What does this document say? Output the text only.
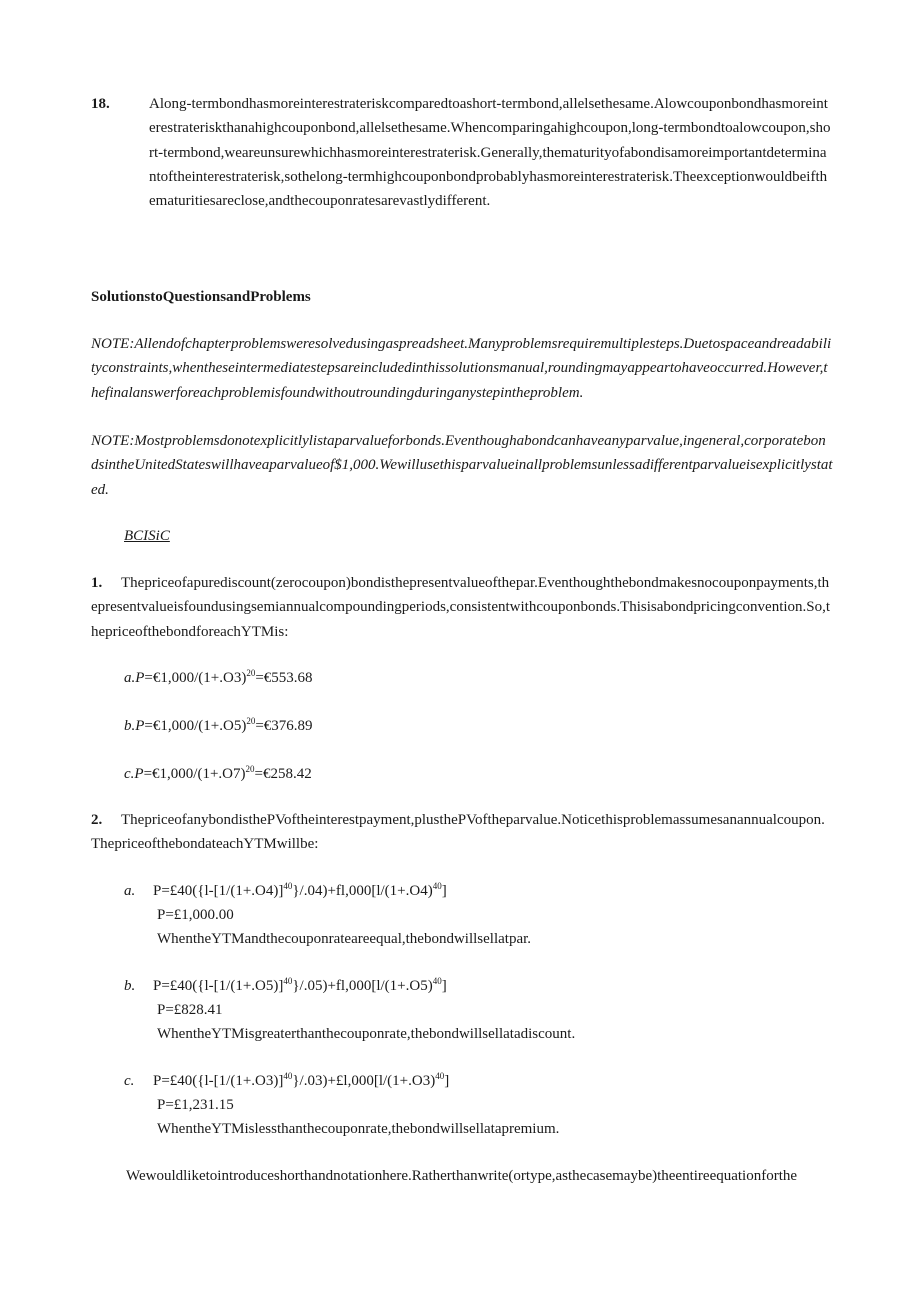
18.	Along-termbondhasmoreinterestrateriskcomparedtoashort-termbond,allelsethesame.Alowcouponbondhasmoreinterestrateriskthanahighcouponbond,allelsethesame.Whencomparingahighcoupon,long-termbondtoalowcoupon,short-termbond,weareunsurewhichhasmoreinterestraterisk.Generally,thematurityofabondisamoreimportantdeterminantoftheinterestraterisk,sothelong-termhighcouponbondprobablyhasmoreinterestraterisk.Theexceptionwouldbeifthematuritiesareclose,andthecouponratesarevastlydifferent.
SolutionstoQuestionsandProblems
NOTE:Allendofchapterproblemsweresolvedusingaspreadsheet.Manyproblemsrequiremultiplesteps.Duetospaceandreadabilityconstraints,whentheseintermediatestepsareincludedinthissolutionsmanual,roundingmayappeartohaveoccurred.However,thefinalanswerforeachproblemisfoundwithoutroundingduringanystepintheproblem.
NOTE:Mostproblemsdonotexplicitlylistaparvalueforbonds.Eventhoughabondcanhaveanyparvalue,ingeneral,corporatebondsintheUnitedStateswillhaveaparvalueof$1,000.Wewillusethisparvalueinallproblemsunlessadifferentparvalueisexplicitlystated.
BCISiC
1. Thepriceofapurediscount(zerocoupon)bondisthepresentvalueofthepar.Eventhoughthebondmakesnocouponpayments,thepresentvalueisfoundusingsemiannualcompoundingperiods,consistentwithcouponbonds.Thisisabondpricingconvention.So,thepriceofthebondforeachYTMis:
$a.P=€1,000/(1+.O3)^{20}=€553.68$
$b.P=€1,000/(1+.O5)^{20}=€376.89$
$c.P=€1,000/(1+.O7)^{20}=€258.42$
2. ThepriceofanybondisthePVoftheinterestpayment,plusthePVoftheparvalue.Noticethisproblemassumesanannualcoupon.ThepriceofthebondateachYTMwillbe:
a.	$P=£40(\{l-[1/(1+.O4)]^{40}\}/.04)+fl,000[l/(1+.O4)^{40}]$
P=£1,000.00
WhentheYTMandthecouponrateareequal,thebondwillsellatpar.
b.	$P=£40(\{l-[1/(1+.O5)]^{40}\}/.05)+fl,000[l/(1+.O5)^{40}]$
P=£828.41
WhentheYTMisgreaterthanthecouponrate,thebondwillsellatadiscount.
c.	$P=£40(\{l-[1/(1+.O3)]^{40}\}/.03)+£l,000[l/(1+.O3)^{40}]$
P=£1,231.15
WhentheYTMislessthanthecouponrate,thebondwillsellatapremium.
Wewouldliketointroduceshorthandnotationhere.Ratherthanwrite(ortype,asthecasemaybe)theentireequationforthe
